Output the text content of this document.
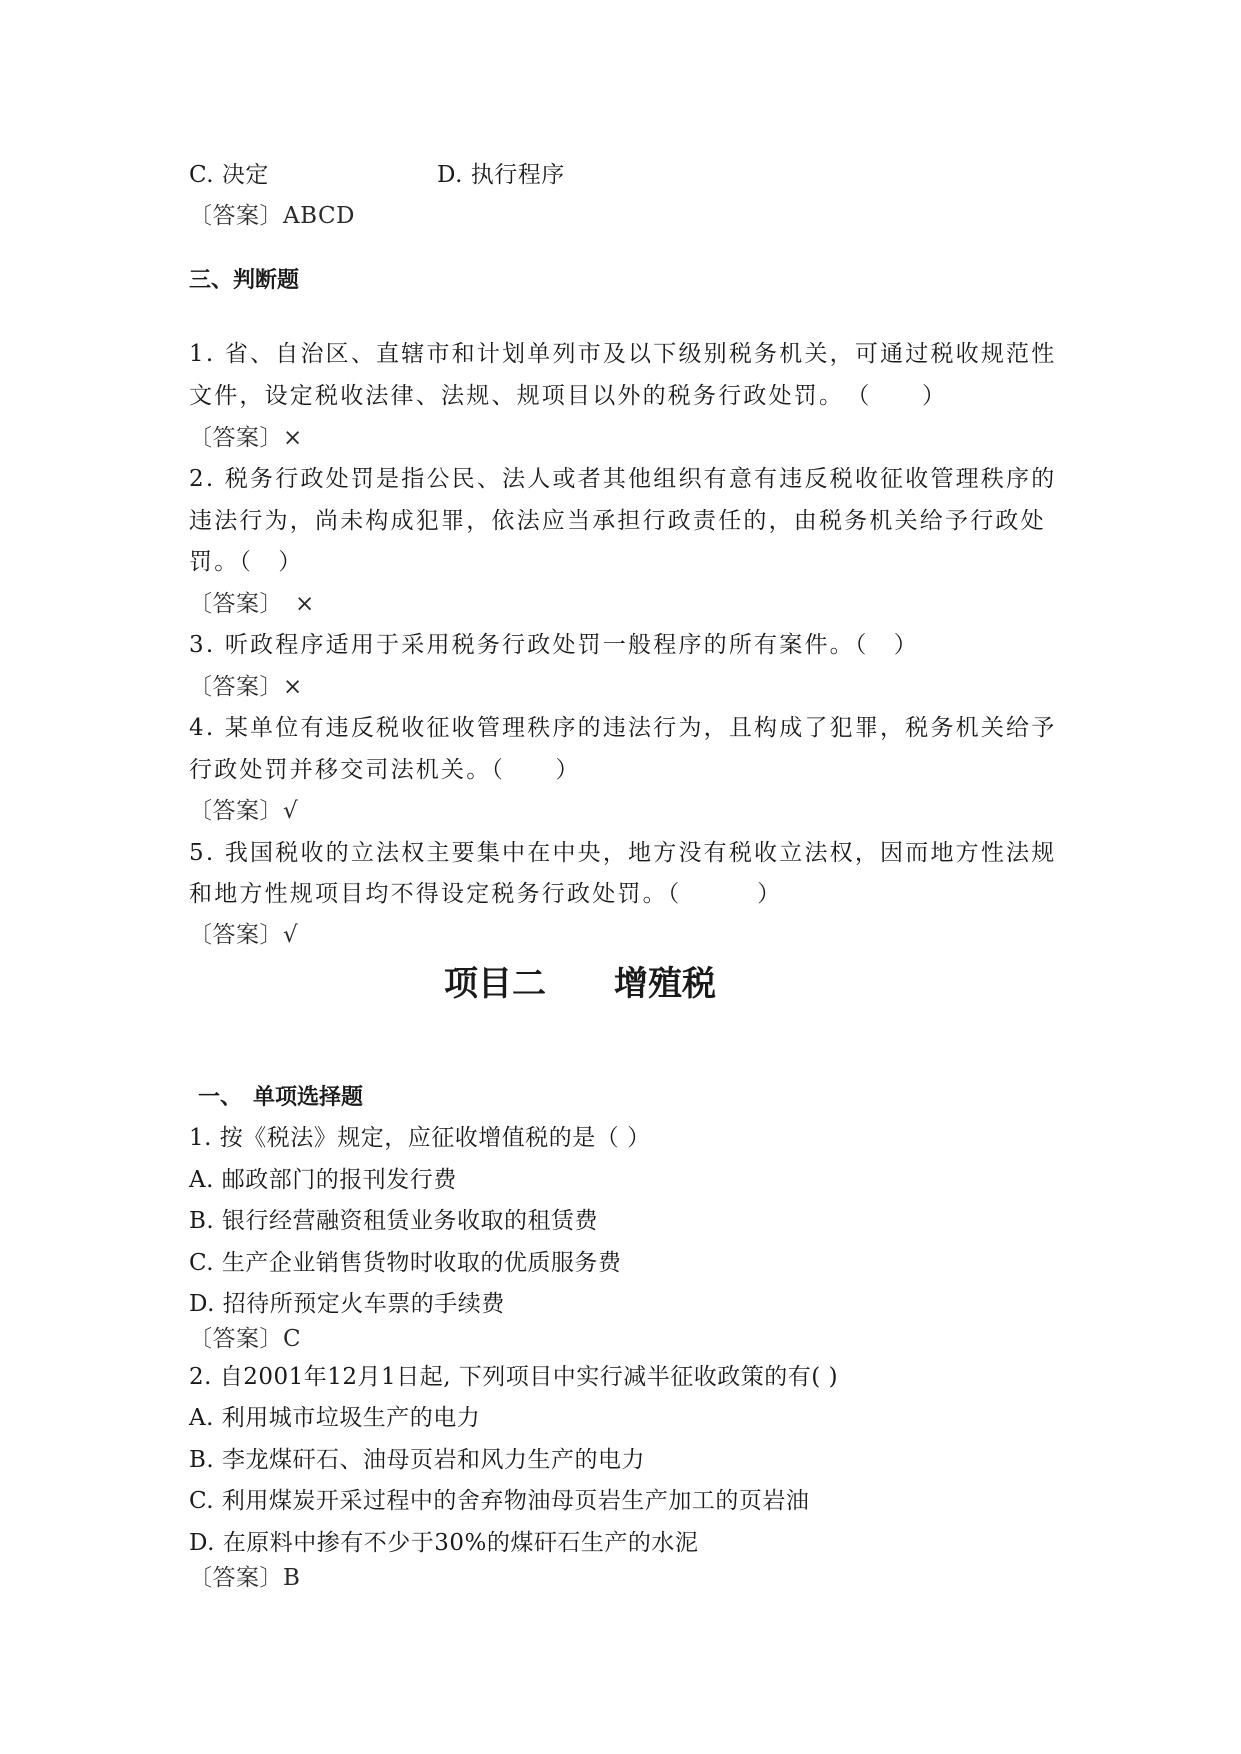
C. 决定	D. 执行程序
〔答案〕ABCD
三、判断题
1. 省、自治区、直辖市和计划单列市及以下级别税务机关，可通过税收规范性
文件，设定税收法律、法规、规项目以外的税务行政处罚。　（　　）
〔答案〕×
2. 税务行政处罚是指公民、法人或者其他组织有意有违反税收征收管理秩序的
违法行为，尚未构成犯罪，依法应当承担行政责任的，由税务机关给予行政处
罚。（　）
〔答案〕　×
3. 听政程序适用于采用税务行政处罚一般程序的所有案件。（　）
〔答案〕×
4. 某单位有违反税收征收管理秩序的违法行为，且构成了犯罪，税务机关给予
行政处罚并移交司法机关。（　　）
〔答案〕√
5. 我国税收的立法权主要集中在中央，地方没有税收立法权，因而地方性法规
和地方性规项目均不得设定税务行政处罚。（　　　）
〔答案〕√
项目二　　增殖税
一、　单项选择题
1. 按《税法》规定，应征收增值税的是（ ）
A. 邮政部门的报刊发行费
B. 银行经营融资租赁业务收取的租赁费
C. 生产企业销售货物时收取的优质服务费
D. 招待所预定火车票的手续费
〔答案〕C
2. 自2001年12月1日起, 下列项目中实行减半征收政策的有( )
A. 利用城市垃圾生产的电力
B. 李龙煤矸石、油母页岩和风力生产的电力
C. 利用煤炭开采过程中的舍弃物油母页岩生产加工的页岩油
D. 在原料中掺有不少于30%的煤矸石生产的水泥
〔答案〕B
